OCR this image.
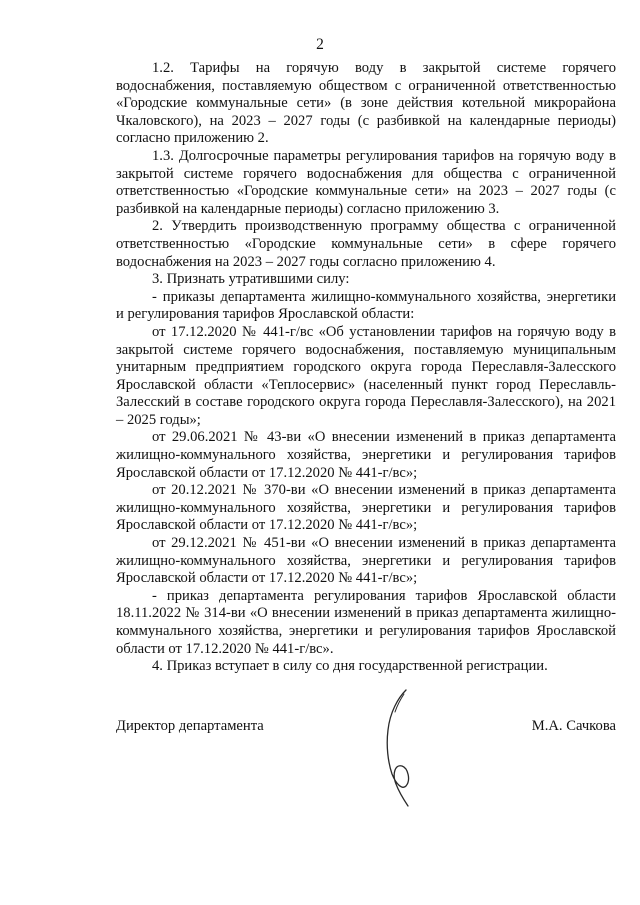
2

1.2. Тарифы на горячую воду в закрытой системе горячего водоснабжения, поставляемую обществом с ограниченной ответственностью «Городские коммунальные сети» (в зоне действия котельной микрорайона Чкаловского), на 2023 – 2027 годы (с разбивкой на календарные периоды) согласно приложению 2.

1.3. Долгосрочные параметры регулирования тарифов на горячую воду в закрытой системе горячего водоснабжения для общества с ограниченной ответственностью «Городские коммунальные сети» на 2023 – 2027 годы (с разбивкой на календарные периоды) согласно приложению 3.

2. Утвердить производственную программу общества с ограниченной ответственностью «Городские коммунальные сети» в сфере горячего водоснабжения на 2023 – 2027 годы согласно приложению 4.

3. Признать утратившими силу:

- приказы департамента жилищно-коммунального хозяйства, энергетики и регулирования тарифов Ярославской области:

от 17.12.2020 № 441-г/вс «Об установлении тарифов на горячую воду в закрытой системе горячего водоснабжения, поставляемую муниципальным унитарным предприятием городского округа города Переславля-Залесского Ярославской области «Теплосервис» (населенный пункт город Переславль-Залесский в составе городского округа города Переславля-Залесского), на 2021 – 2025 годы»;

от 29.06.2021 № 43-ви «О внесении изменений в приказ департамента жилищно-коммунального хозяйства, энергетики и регулирования тарифов Ярославской области от 17.12.2020 № 441-г/вс»;

от 20.12.2021 № 370-ви «О внесении изменений в приказ департамента жилищно-коммунального хозяйства, энергетики и регулирования тарифов Ярославской области от 17.12.2020 № 441-г/вс»;

от 29.12.2021 № 451-ви «О внесении изменений в приказ департамента жилищно-коммунального хозяйства, энергетики и регулирования тарифов Ярославской области от 17.12.2020 № 441-г/вс»;

- приказ департамента регулирования тарифов Ярославской области 18.11.2022 № 314-ви «О внесении изменений в приказ департамента жилищно-коммунального хозяйства, энергетики и регулирования тарифов Ярославской области от 17.12.2020 № 441-г/вс».

4. Приказ вступает в силу со дня государственной регистрации.

Директор департамента	М.А. Сачкова
